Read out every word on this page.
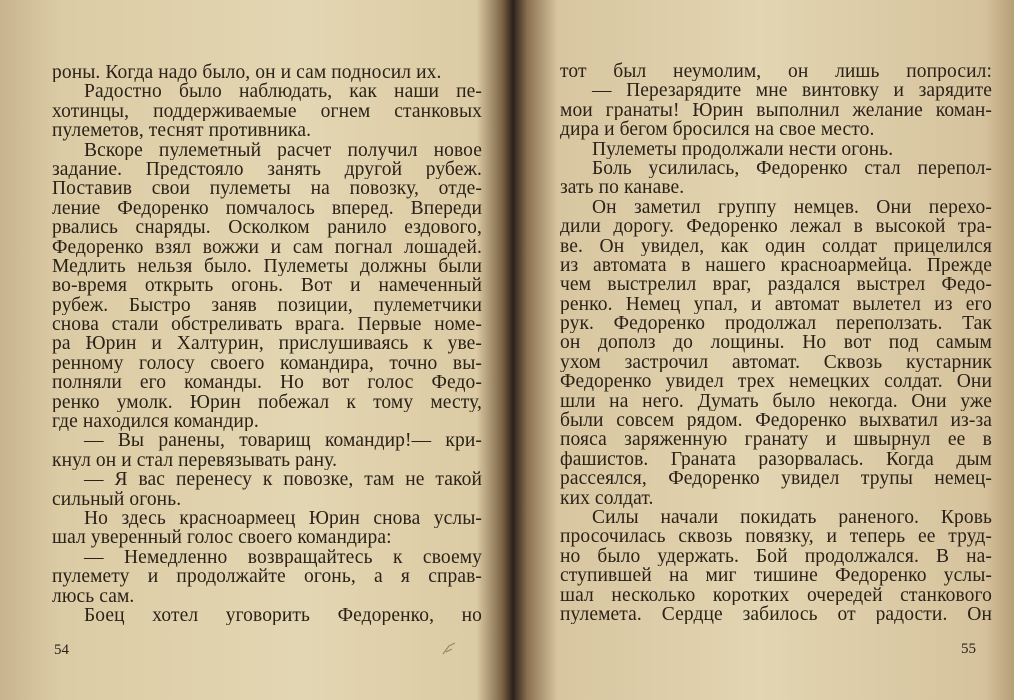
роны. Когда надо было, он и сам подносил их.
Радостно было наблюдать, как наши пе-
хотинцы, поддерживаемые огнем станковых
пулеметов, теснят противника.
Вскоре пулеметный расчет получил новое
задание. Предстояло занять другой рубеж.
Поставив свои пулеметы на повозку, отде-
ление Федоренко помчалось вперед. Впереди
рвались снаряды. Осколком ранило ездового,
Федоренко взял вожжи и сам погнал лошадей.
Медлить нельзя было. Пулеметы должны были
во-время открыть огонь. Вот и намеченный
рубеж. Быстро заняв позиции, пулеметчики
снова стали обстреливать врага. Первые номе-
ра Юрин и Халтурин, прислушиваясь к уве-
ренному голосу своего командира, точно вы-
полняли его команды. Но вот голос Федо-
ренко умолк. Юрин побежал к тому месту,
где находился командир.
— Вы ранены, товарищ командир!— кри-
кнул он и стал перевязывать рану.
— Я вас перенесу к повозке, там не такой
сильный огонь.
Но здесь красноармеец Юрин снова услы-
шал уверенный голос своего командира:
— Немедленно возвращайтесь к своему
пулемету и продолжайте огонь, а я справ-
люсь сам.
Боец хотел уговорить Федоренко, но
54
тот был неумолим, он лишь попросил:
— Перезарядите мне винтовку и зарядите
мои гранаты! Юрин выполнил желание коман-
дира и бегом бросился на свое место.
Пулеметы продолжали нести огонь.
Боль усилилась, Федоренко стал перепол-
зать по канаве.
Он заметил группу немцев. Они перехо-
дили дорогу. Федоренко лежал в высокой тра-
ве. Он увидел, как один солдат прицелился
из автомата в нашего красноармейца. Прежде
чем выстрелил враг, раздался выстрел Федо-
ренко. Немец упал, и автомат вылетел из его
рук. Федоренко продолжал переползать. Так
он дополз до лощины. Но вот под самым
ухом застрочил автомат. Сквозь кустарник
Федоренко увидел трех немецких солдат. Они
шли на него. Думать было некогда. Они уже
были совсем рядом. Федоренко выхватил из-за
пояса заряженную гранату и швырнул ее в
фашистов. Граната разорвалась. Когда дым
рассеялся, Федоренко увидел трупы немец-
ких солдат.
Силы начали покидать раненого. Кровь
просочилась сквозь повязку, и теперь ее труд-
но было удержать. Бой продолжался. В на-
ступившей на миг тишине Федоренко услы-
шал несколько коротких очередей станкового
пулемета. Сердце забилось от радости. Он
55
